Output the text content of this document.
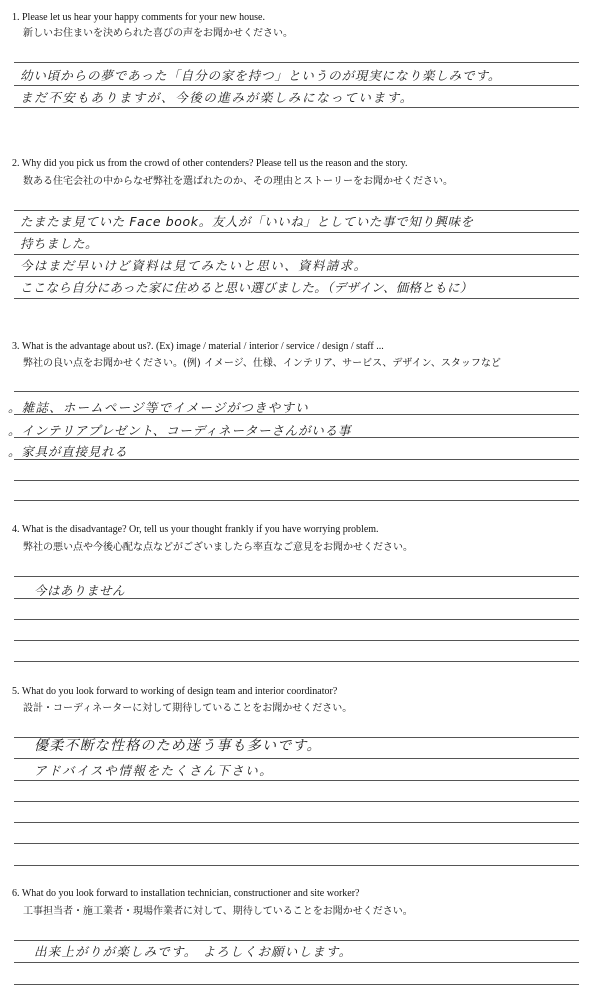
1. Please let us hear your happy comments for your new house.
新しいお住まいを決められた喜びの声をお聞かせください。
幼い頃からの夢であった「自分の家を持つ」というのが現実になり楽しみです。
まだ不安もありますが、今後の進みが楽しみになっています。
2. Why did you pick us from the crowd of other contenders? Please tell us the reason and the story.
数ある住宅会社の中からなぜ弊社を選ばれたのか、その理由とストーリーをお聞かせください。
たまたま見ていた Face book。友人が「いいね」としていた事で知り興味を
持ちました。
今はまだ早いけど資料は見てみたいと思い、資料請求。
ここなら自分にあった家に住めると思い選びました。（デザイン、価格ともに）
3. What is the advantage about us?. (Ex) image / material / interior / service / design / staff ...
弊社の良い点をお聞かせください。(例) イメージ、仕様、インテリア、サービス、デザイン、スタッフなど
。雑誌、ホームページ等でイメージがつきやすい
。インテリアプレゼント、コーディネーターさんがいる事
。家具が直接見れる
4. What is the disadvantage? Or, tell us your thought frankly if you have worrying problem.
弊社の悪い点や今後心配な点などがございましたら率直なご意見をお聞かせください。
今はありません
5. What do you look forward to working of design team and interior coordinator?
設計・コーディネーターに対して期待していることをお聞かせください。
優柔不断な性格のため迷う事も多いです。
アドバイスや情報をたくさん下さい。
6. What do you look forward to installation technician, constructioner and site worker?
工事担当者・施工業者・現場作業者に対して、期待していることをお聞かせください。
出来上がりが楽しみです。 よろしくお願いします。
